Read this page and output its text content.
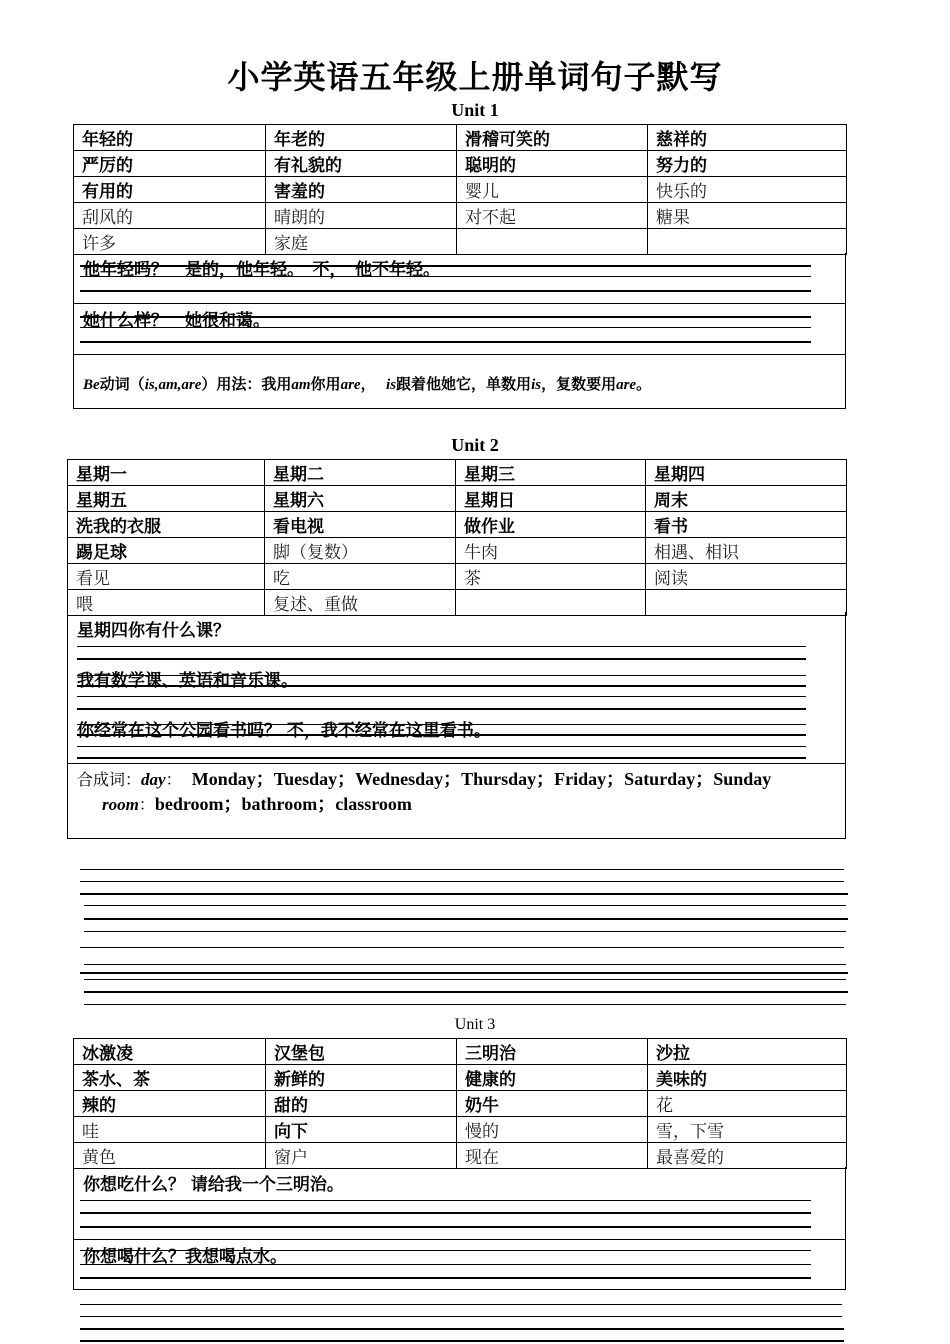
小学英语五年级上册单词句子默写
Unit 1
年轻的	年老的	滑稽可笑的	慈祥的
严厉的	有礼貌的	聪明的	努力的
有用的	害羞的	婴儿	快乐的
刮风的	晴朗的	对不起	糖果
许多	家庭		
他年轻吗？　是的，他年轻。　不，　他不年轻。
她什么样？　她很和蔼。
Be动词（is,am,are）用法：我用am你用are， is跟着他她它，单数用is，复数要用are。
Unit 2
星期一	星期二	星期三	星期四
星期五	星期六	星期日	周末
洗我的衣服	看电视	做作业	看书
踢足球	脚（复数）	牛肉	相遇、相识
看见	吃	茶	阅读
喂	复述、重做		
星期四你有什么课？
我有数学课、英语和音乐课。
你经常在这个公园看书吗？ 不，我不经常在这里看书。
合成词：day： Monday；Tuesday；Wednesday；Thursday；Friday；Saturday；Sunday
room：bedroom；bathroom；classroom
Unit 3
冰激凌	汉堡包	三明治	沙拉
茶水、茶	新鲜的	健康的	美味的
辣的	甜的	奶牛	花
哇	向下	慢的	雪，下雪
黄色	窗户	现在	最喜爱的
你想吃什么？ 请给我一个三明治。
你想喝什么？我想喝点水。
